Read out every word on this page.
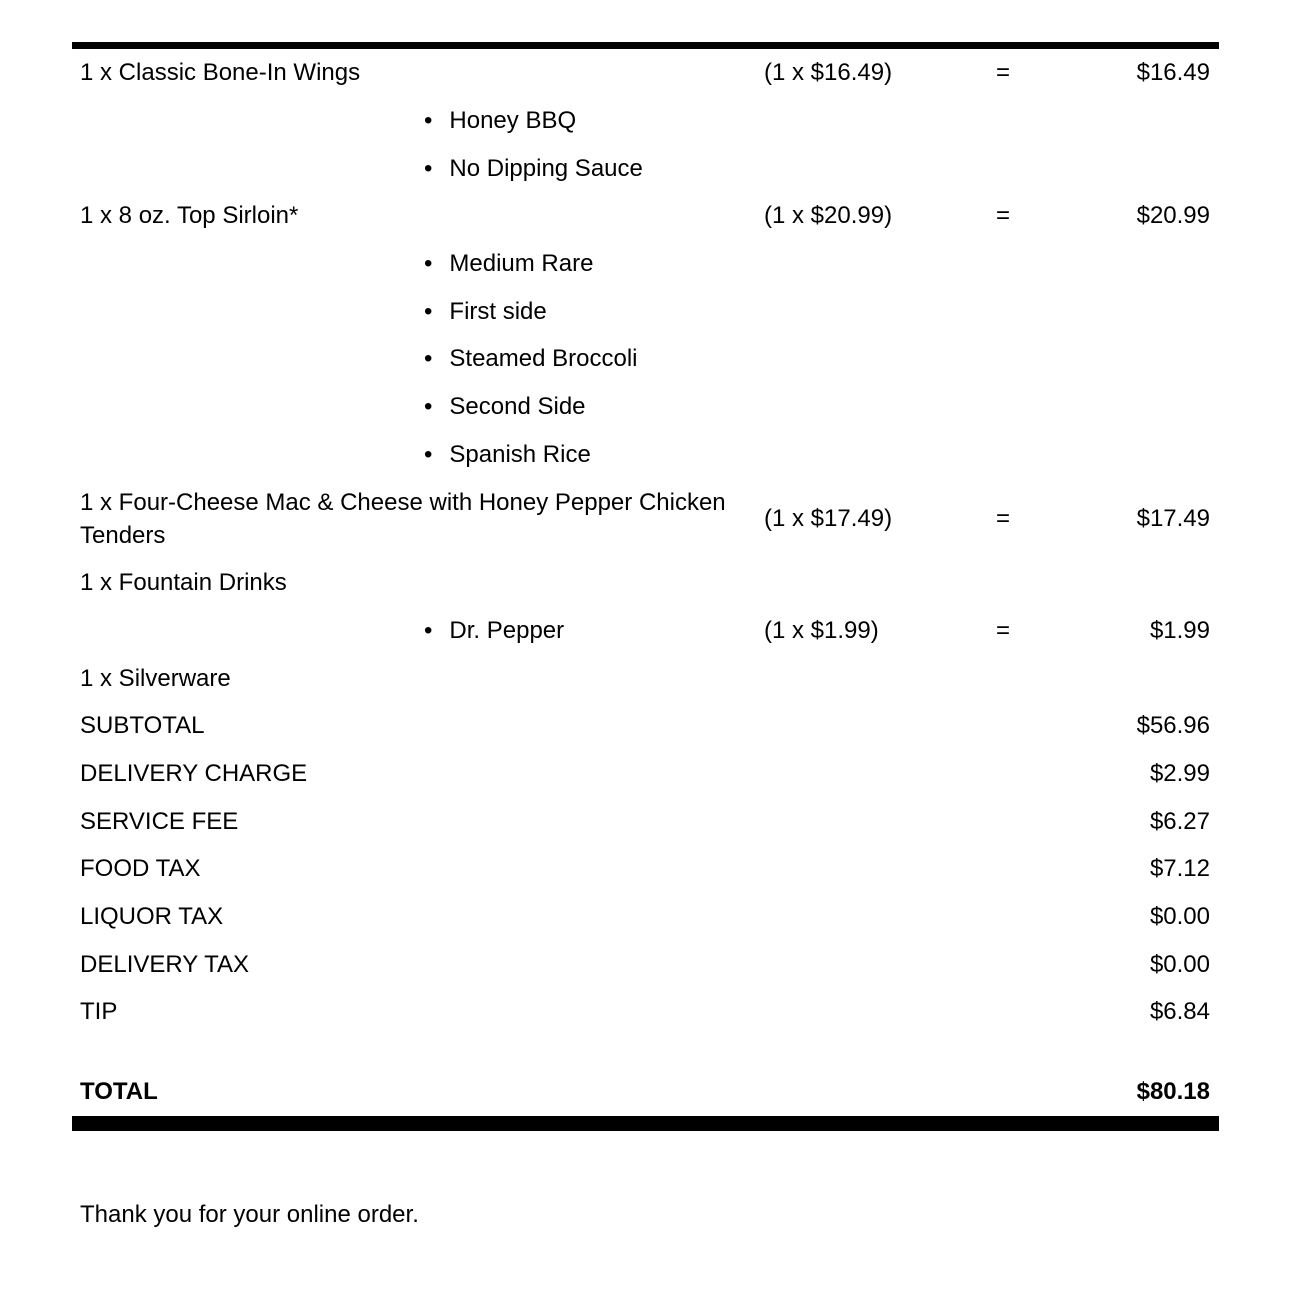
1 x Classic Bone-In Wings	(1 x $16.49)	=	$16.49
• Honey BBQ
• No Dipping Sauce
1 x 8 oz. Top Sirloin*	(1 x $20.99)	=	$20.99
• Medium Rare
• First side
• Steamed Broccoli
• Second Side
• Spanish Rice
1 x Four-Cheese Mac & Cheese with Honey Pepper Chicken Tenders
(1 x $17.49)	=	$17.49
1 x Fountain Drinks
• Dr. Pepper	(1 x $1.99)	=	$1.99
1 x Silverware
SUBTOTAL	$56.96
DELIVERY CHARGE	$2.99
SERVICE FEE	$6.27
FOOD TAX	$7.12
LIQUOR TAX	$0.00
DELIVERY TAX	$0.00
TIP	$6.84
TOTAL	$80.18
Thank you for your online order.
